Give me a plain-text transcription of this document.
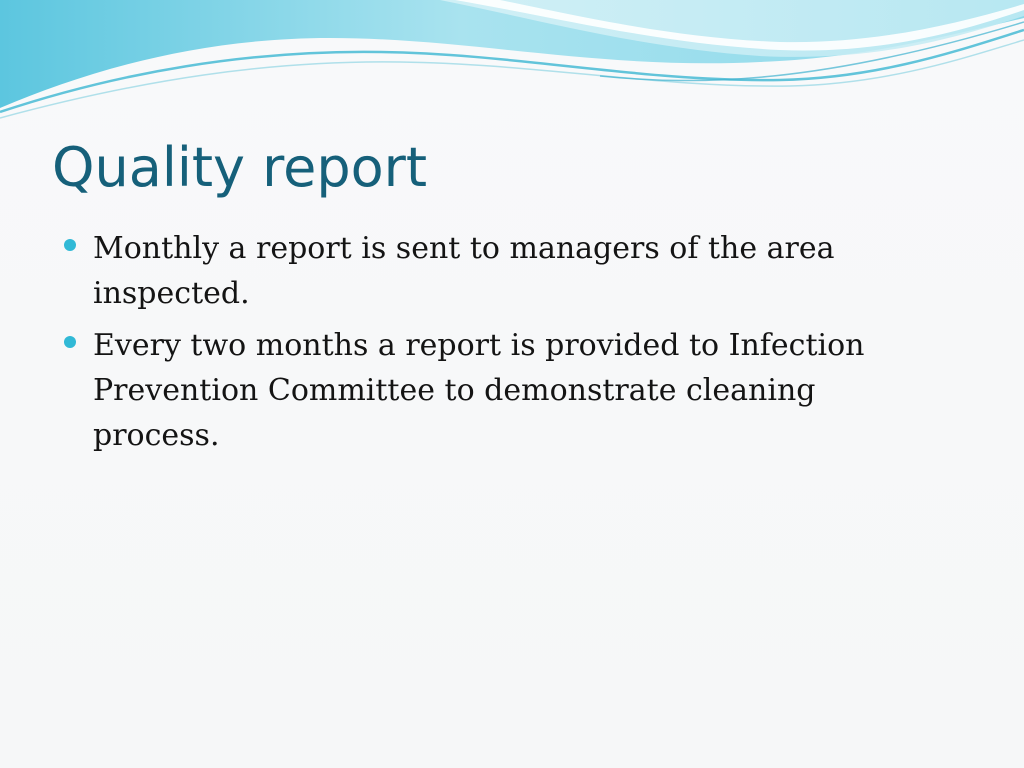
Quality report
Monthly a report is sent to managers of the area inspected.
Every two months a report is provided to Infection Prevention Committee to demonstrate cleaning process.
